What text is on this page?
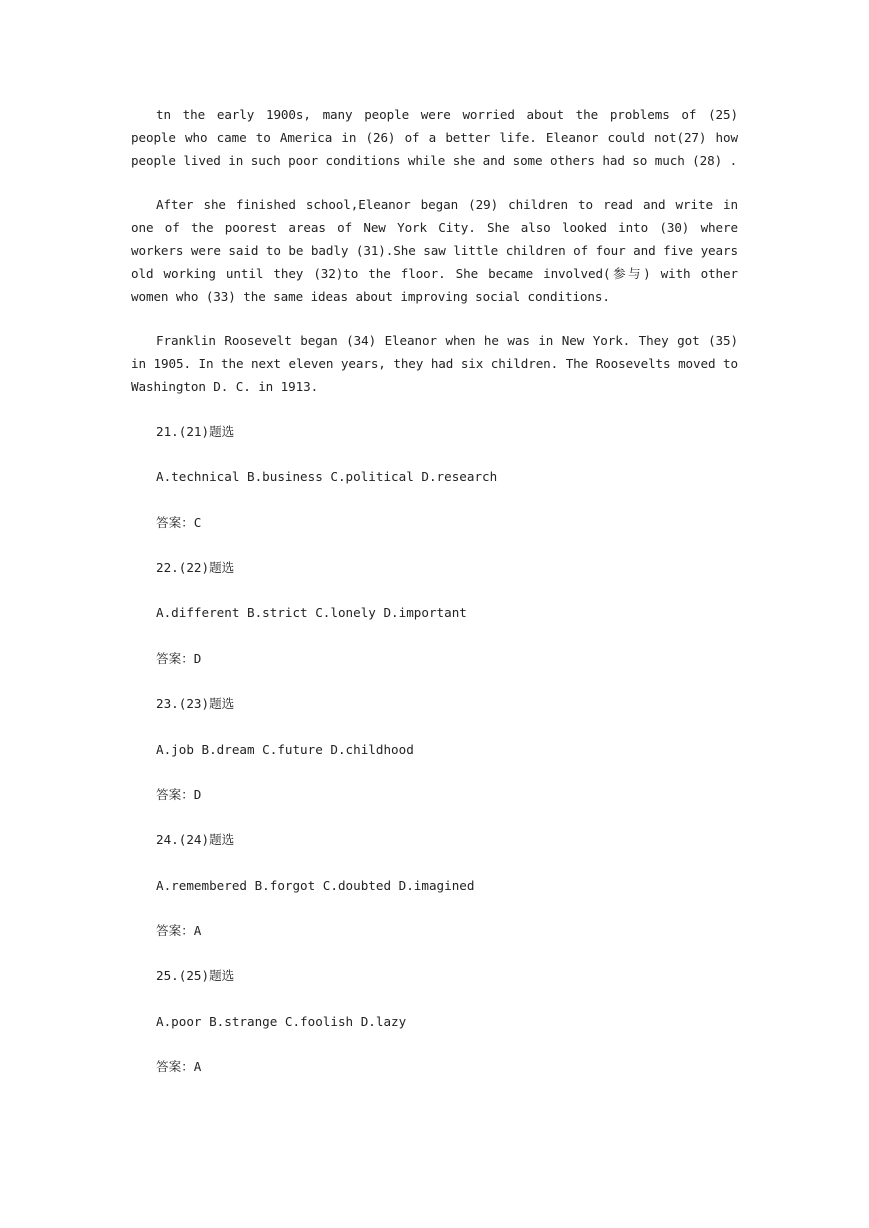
tn the early 1900s, many people were worried about the problems of (25) people who came to America in (26) of a better life. Eleanor could not(27) how people lived in such poor conditions while she and some others had so much (28) .

After she finished school,Eleanor began (29) children to read and write in one of the poorest areas of New York City. She also looked into (30) where workers were said to be badly (31).She saw little children of four and five years old working until they (32)to the floor. She became involved(参与) with other women who (33) the same ideas about improving social conditions.

Franklin Roosevelt began (34) Eleanor when he was in New York. They got (35) in 1905. In the next eleven years, they had six children. The Roosevelts moved to Washington D. C. in 1913.

21.(21)题选
A.technical B.business C.political D.research
答案：C
22.(22)题选
A.different B.strict C.lonely D.important
答案：D
23.(23)题选
A.job B.dream C.future D.childhood
答案：D
24.(24)题选
A.remembered B.forgot C.doubted D.imagined
答案：A
25.(25)题选
A.poor B.strange C.foolish D.lazy
答案：A
